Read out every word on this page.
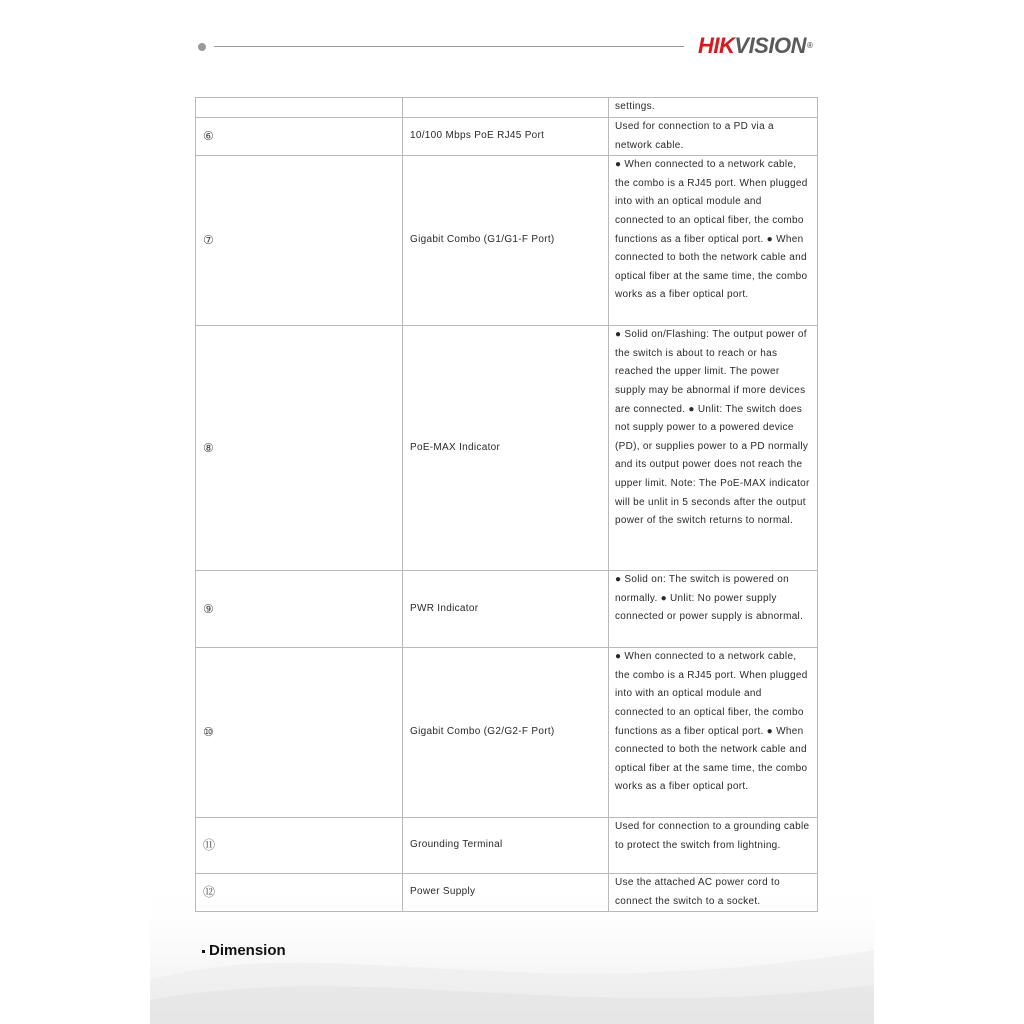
HIKVISION®
		settings.
⑥	10/100 Mbps PoE RJ45 Port	Used for connection to a PD via a network cable.
⑦	Gigabit Combo (G1/G1-F Port)	● When connected to a network cable, the combo is a RJ45 port. When plugged into with an optical module and connected to an optical fiber, the combo functions as a fiber optical port. ● When connected to both the network cable and optical fiber at the same time, the combo works as a fiber optical port.
⑧	PoE-MAX Indicator	● Solid on/Flashing: The output power of the switch is about to reach or has reached the upper limit. The power supply may be abnormal if more devices are connected. ● Unlit: The switch does not supply power to a powered device (PD), or supplies power to a PD normally and its output power does not reach the upper limit. Note: The PoE-MAX indicator will be unlit in 5 seconds after the output power of the switch returns to normal.
⑨	PWR Indicator	● Solid on: The switch is powered on normally. ● Unlit: No power supply connected or power supply is abnormal.
⑩	Gigabit Combo (G2/G2-F Port)	● When connected to a network cable, the combo is a RJ45 port. When plugged into with an optical module and connected to an optical fiber, the combo functions as a fiber optical port. ● When connected to both the network cable and optical fiber at the same time, the combo works as a fiber optical port.
⑪	Grounding Terminal	Used for connection to a grounding cable to protect the switch from lightning.
⑫	Power Supply	Use the attached AC power cord to connect the switch to a socket.
Dimension
